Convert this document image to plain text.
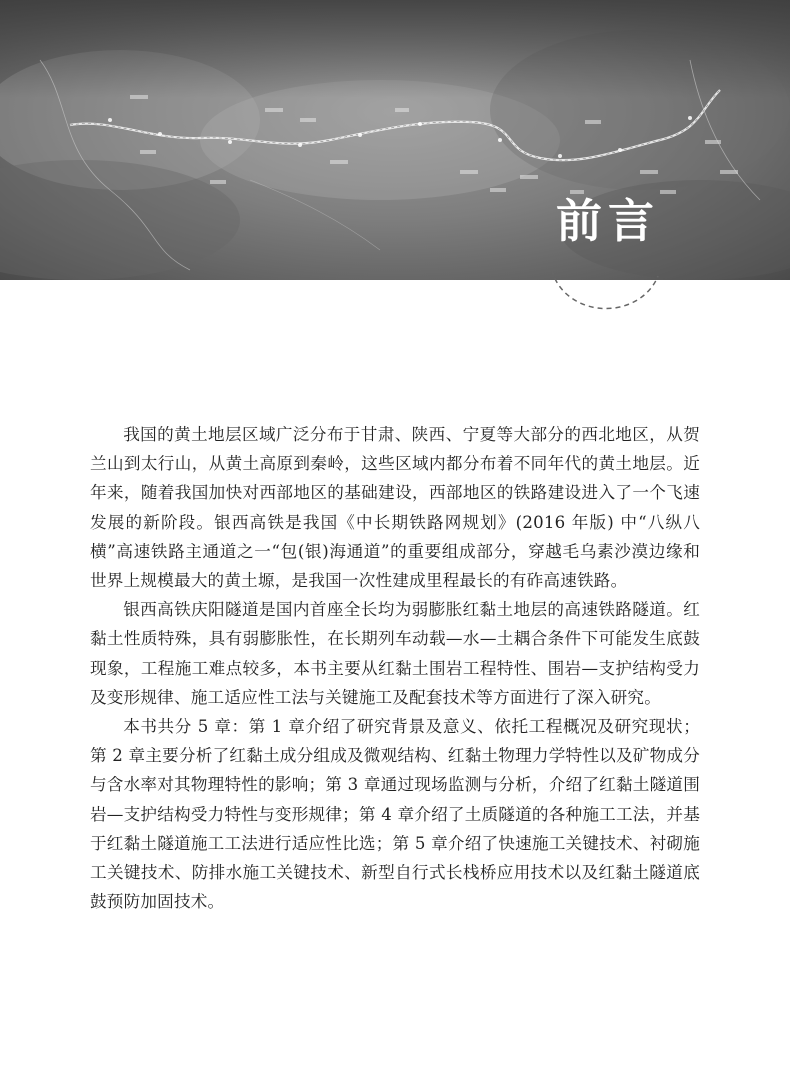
前言

我国的黄土地层区域广泛分布于甘肃、陕西、宁夏等大部分的西北地区，从贺兰山到太行山，从黄土高原到秦岭，这些区域内都分布着不同年代的黄土地层。近年来，随着我国加快对西部地区的基础建设，西部地区的铁路建设进入了一个飞速发展的新阶段。银西高铁是我国《中长期铁路网规划》(2016 年版) 中“八纵八横”高速铁路主通道之一“包(银)海通道”的重要组成部分，穿越毛乌素沙漠边缘和世界上规模最大的黄土塬，是我国一次性建成里程最长的有砟高速铁路。

银西高铁庆阳隧道是国内首座全长均为弱膨胀红黏土地层的高速铁路隧道。红黏土性质特殊，具有弱膨胀性，在长期列车动载—水—土耦合条件下可能发生底鼓现象，工程施工难点较多，本书主要从红黏土围岩工程特性、围岩—支护结构受力及变形规律、施工适应性工法与关键施工及配套技术等方面进行了深入研究。

本书共分 5 章：第 1 章介绍了研究背景及意义、依托工程概况及研究现状；第 2 章主要分析了红黏土成分组成及微观结构、红黏土物理力学特性以及矿物成分与含水率对其物理特性的影响；第 3 章通过现场监测与分析，介绍了红黏土隧道围岩—支护结构受力特性与变形规律；第 4 章介绍了土质隧道的各种施工工法，并基于红黏土隧道施工工法进行适应性比选；第 5 章介绍了快速施工关键技术、衬砌施工关键技术、防排水施工关键技术、新型自行式长栈桥应用技术以及红黏土隧道底鼓预防加固技术。
